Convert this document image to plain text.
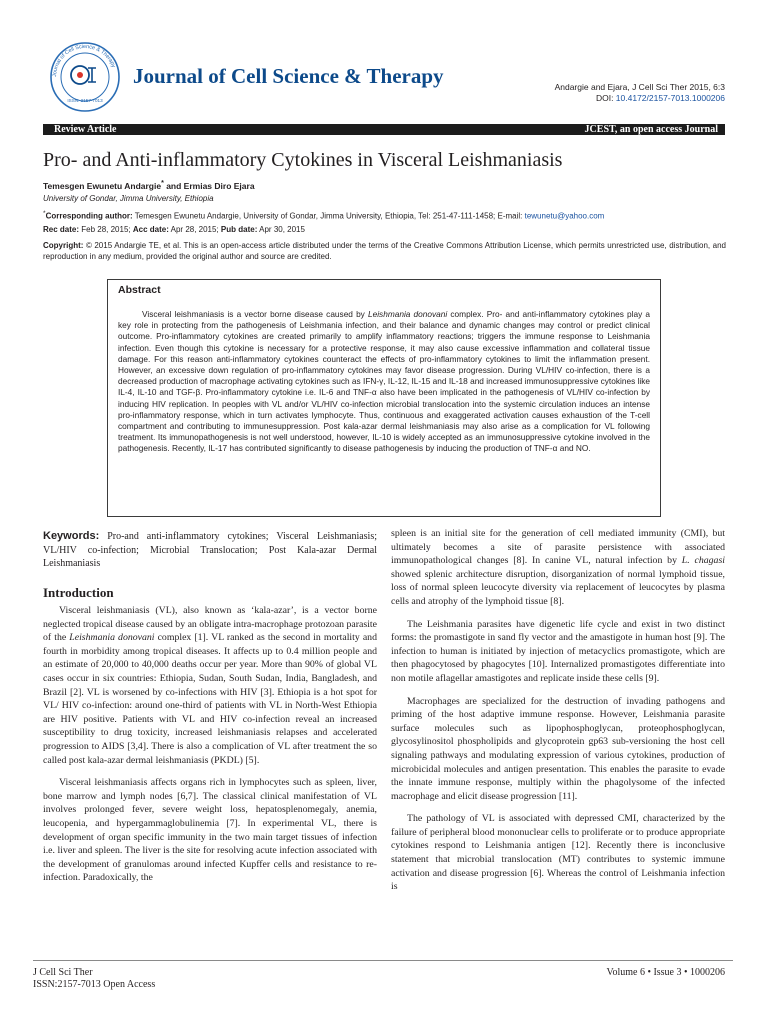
Journal of Cell Science & Therapy
ISSN: 2157-7013
Journal of Cell Science & Therapy	Andargie and Ejara, J Cell Sci Ther 2015, 6:3
DOI: 10.4172/2157-7013.1000206
Review Article	JCEST, an open access Journal
Pro- and Anti-inflammatory Cytokines in Visceral Leishmaniasis
Temesgen Ewunetu Andargie* and Ermias Diro Ejara
University of Gondar, Jimma University, Ethiopia
*Corresponding author: Temesgen Ewunetu Andargie, University of Gondar, Jimma University, Ethiopia, Tel: 251-47-111-1458; E-mail: tewunetu@yahoo.com
Rec date: Feb 28, 2015; Acc date: Apr 28, 2015; Pub date: Apr 30, 2015
Copyright: © 2015 Andargie TE, et al. This is an open-access article distributed under the terms of the Creative Commons Attribution License, which permits unrestricted use, distribution, and reproduction in any medium, provided the original author and source are credited.
Abstract
Visceral leishmaniasis is a vector borne disease caused by Leishmania donovani complex. Pro- and anti-inflammatory cytokines play a key role in protecting from the pathogenesis of Leishmania infection, and their balance and dynamic changes may control or predict clinical outcome. Pro-inflammatory cytokines are created primarily to amplify inflammatory reactions; triggers the immune response to Leishmania infection. Even though this cytokine is necessary for a protective response, it may also cause excessive inflammation and collateral tissue damage. For this reason anti-inflammatory cytokines counteract the effects of pro-inflammatory cytokines to limit the inflammation present. However, an excessive down regulation of pro-inflammatory cytokines may favor disease progression. During VL/HIV co-infection, there is a decreased production of macrophage activating cytokines such as IFN-γ, IL-12, IL-15 and IL-18 and increased immunosuppressive cytokines like IL-4, IL-10 and TGF-β. Pro-inflammatory cytokine i.e. IL-6 and TNF-α also have been implicated in the pathogenesis of VL/HIV co-infection by inducing HIV replication. In peoples with VL and/or VL/HIV co-infection microbial translocation into the systemic circulation induces an intense pro-inflammatory response, which in turn activates lymphocyte. Thus, continuous and exaggerated activation causes exhaustion of the T-cell compartment and contributing to immunesuppression. Post kala-azar dermal leishmaniasis may also arise as a complication for VL following treatment. Its immunopathogenesis is not well understood, however, IL-10 is widely accepted as an immunosuppressive cytokine involved in the pathogenesis. Recently, IL-17 has contributed significantly to disease pathogenesis by inducing the production of TNF-α and NO.
Keywords: Pro-and anti-inflammatory cytokines; Visceral Leishmaniasis; VL/HIV co-infection; Microbial Translocation; Post Kala-azar Dermal Leishmaniasis
Introduction

Visceral leishmaniasis (VL), also known as ‘kala-azar’, is a vector borne neglected tropical disease caused by an obligate intra-macrophage protozoan parasite of the Leishmania donovani complex [1]. VL ranked as the second in mortality and fourth in morbidity among tropical diseases. It affects up to 0.4 million people and an estimate of 20,000 to 40,000 deaths occur per year. More than 90% of global VL cases occur in six countries: Ethiopia, Sudan, South Sudan, India, Bangladesh, and Brazil [2]. VL is worsened by co-infections with HIV [3]. Ethiopia is a hot spot for VL/ HIV co-infection: around one-third of patients with VL in North-West Ethiopia are HIV positive. Patients with VL and HIV co-infection reveal an increased susceptibility to drug toxicity, increased leishmaniasis relapses and accelerated progression to AIDS [3,4]. There is also a complication of VL after treatment the so called post kala-azar dermal leishmaniasis (PKDL) [5].

Visceral leishmaniasis affects organs rich in lymphocytes such as spleen, liver, bone marrow and lymph nodes [6,7]. The classical clinical manifestation of VL involves prolonged fever, severe weight loss, hepatosplenomegaly, anemia, leucopenia, and hypergammaglobulinemia [7]. In experimental VL, there is development of organ specific immunity in the two main target tissues of infection i.e. liver and spleen. The liver is the site for resolving acute infection associated with the development of granulomas around infected Kupffer cells and resistance to re-infection. Paradoxically, the

spleen is an initial site for the generation of cell mediated immunity (CMI), but ultimately becomes a site of parasite persistence with associated immunopathological changes [8]. In canine VL, natural infection by L. chagasi showed splenic architecture disruption, disorganization of normal lymphoid tissue, loss of normal spleen leucocyte diversity via replacement of leucocytes by plasma cells and atrophy of the lymphoid tissue [8].

The Leishmania parasites have digenetic life cycle and exist in two distinct forms: the promastigote in sand fly vector and the amastigote in human host [9]. The infection to human is initiated by injection of metacyclics promastigote, which are then phagocytosed by phagocytes [10]. Internalized promastigotes differentiate into non motile aflagellar amastigotes and replicate inside these cells [9].

Macrophages are specialized for the destruction of invading pathogens and priming of the host adaptive immune response. However, Leishmania parasite surface molecules such as lipophosphoglycan, proteophosphoglycan, glycosylinositol phospholipids and glycoprotein gp63 sub-versioning the host cell signaling pathways and modulating expression of various cytokines, production of microbicidal molecules and antigen presentation. This enables the parasite to evade the innate immune response, multiply within the phagolysome of the infected macrophage and elicit disease progression [11].

The pathology of VL is associated with depressed CMI, characterized by the failure of peripheral blood mononuclear cells to proliferate or to produce appropriate cytokines respond to Leishmania antigen [12]. Recently there is inconclusive statement that microbial translocation (MT) contributes to systemic immune activation and disease progression [6]. Whereas the control of Leishmania infection is

J Cell Sci Ther
ISSN:2157-7013 Open Access
Volume 6 • Issue 3 • 1000206
